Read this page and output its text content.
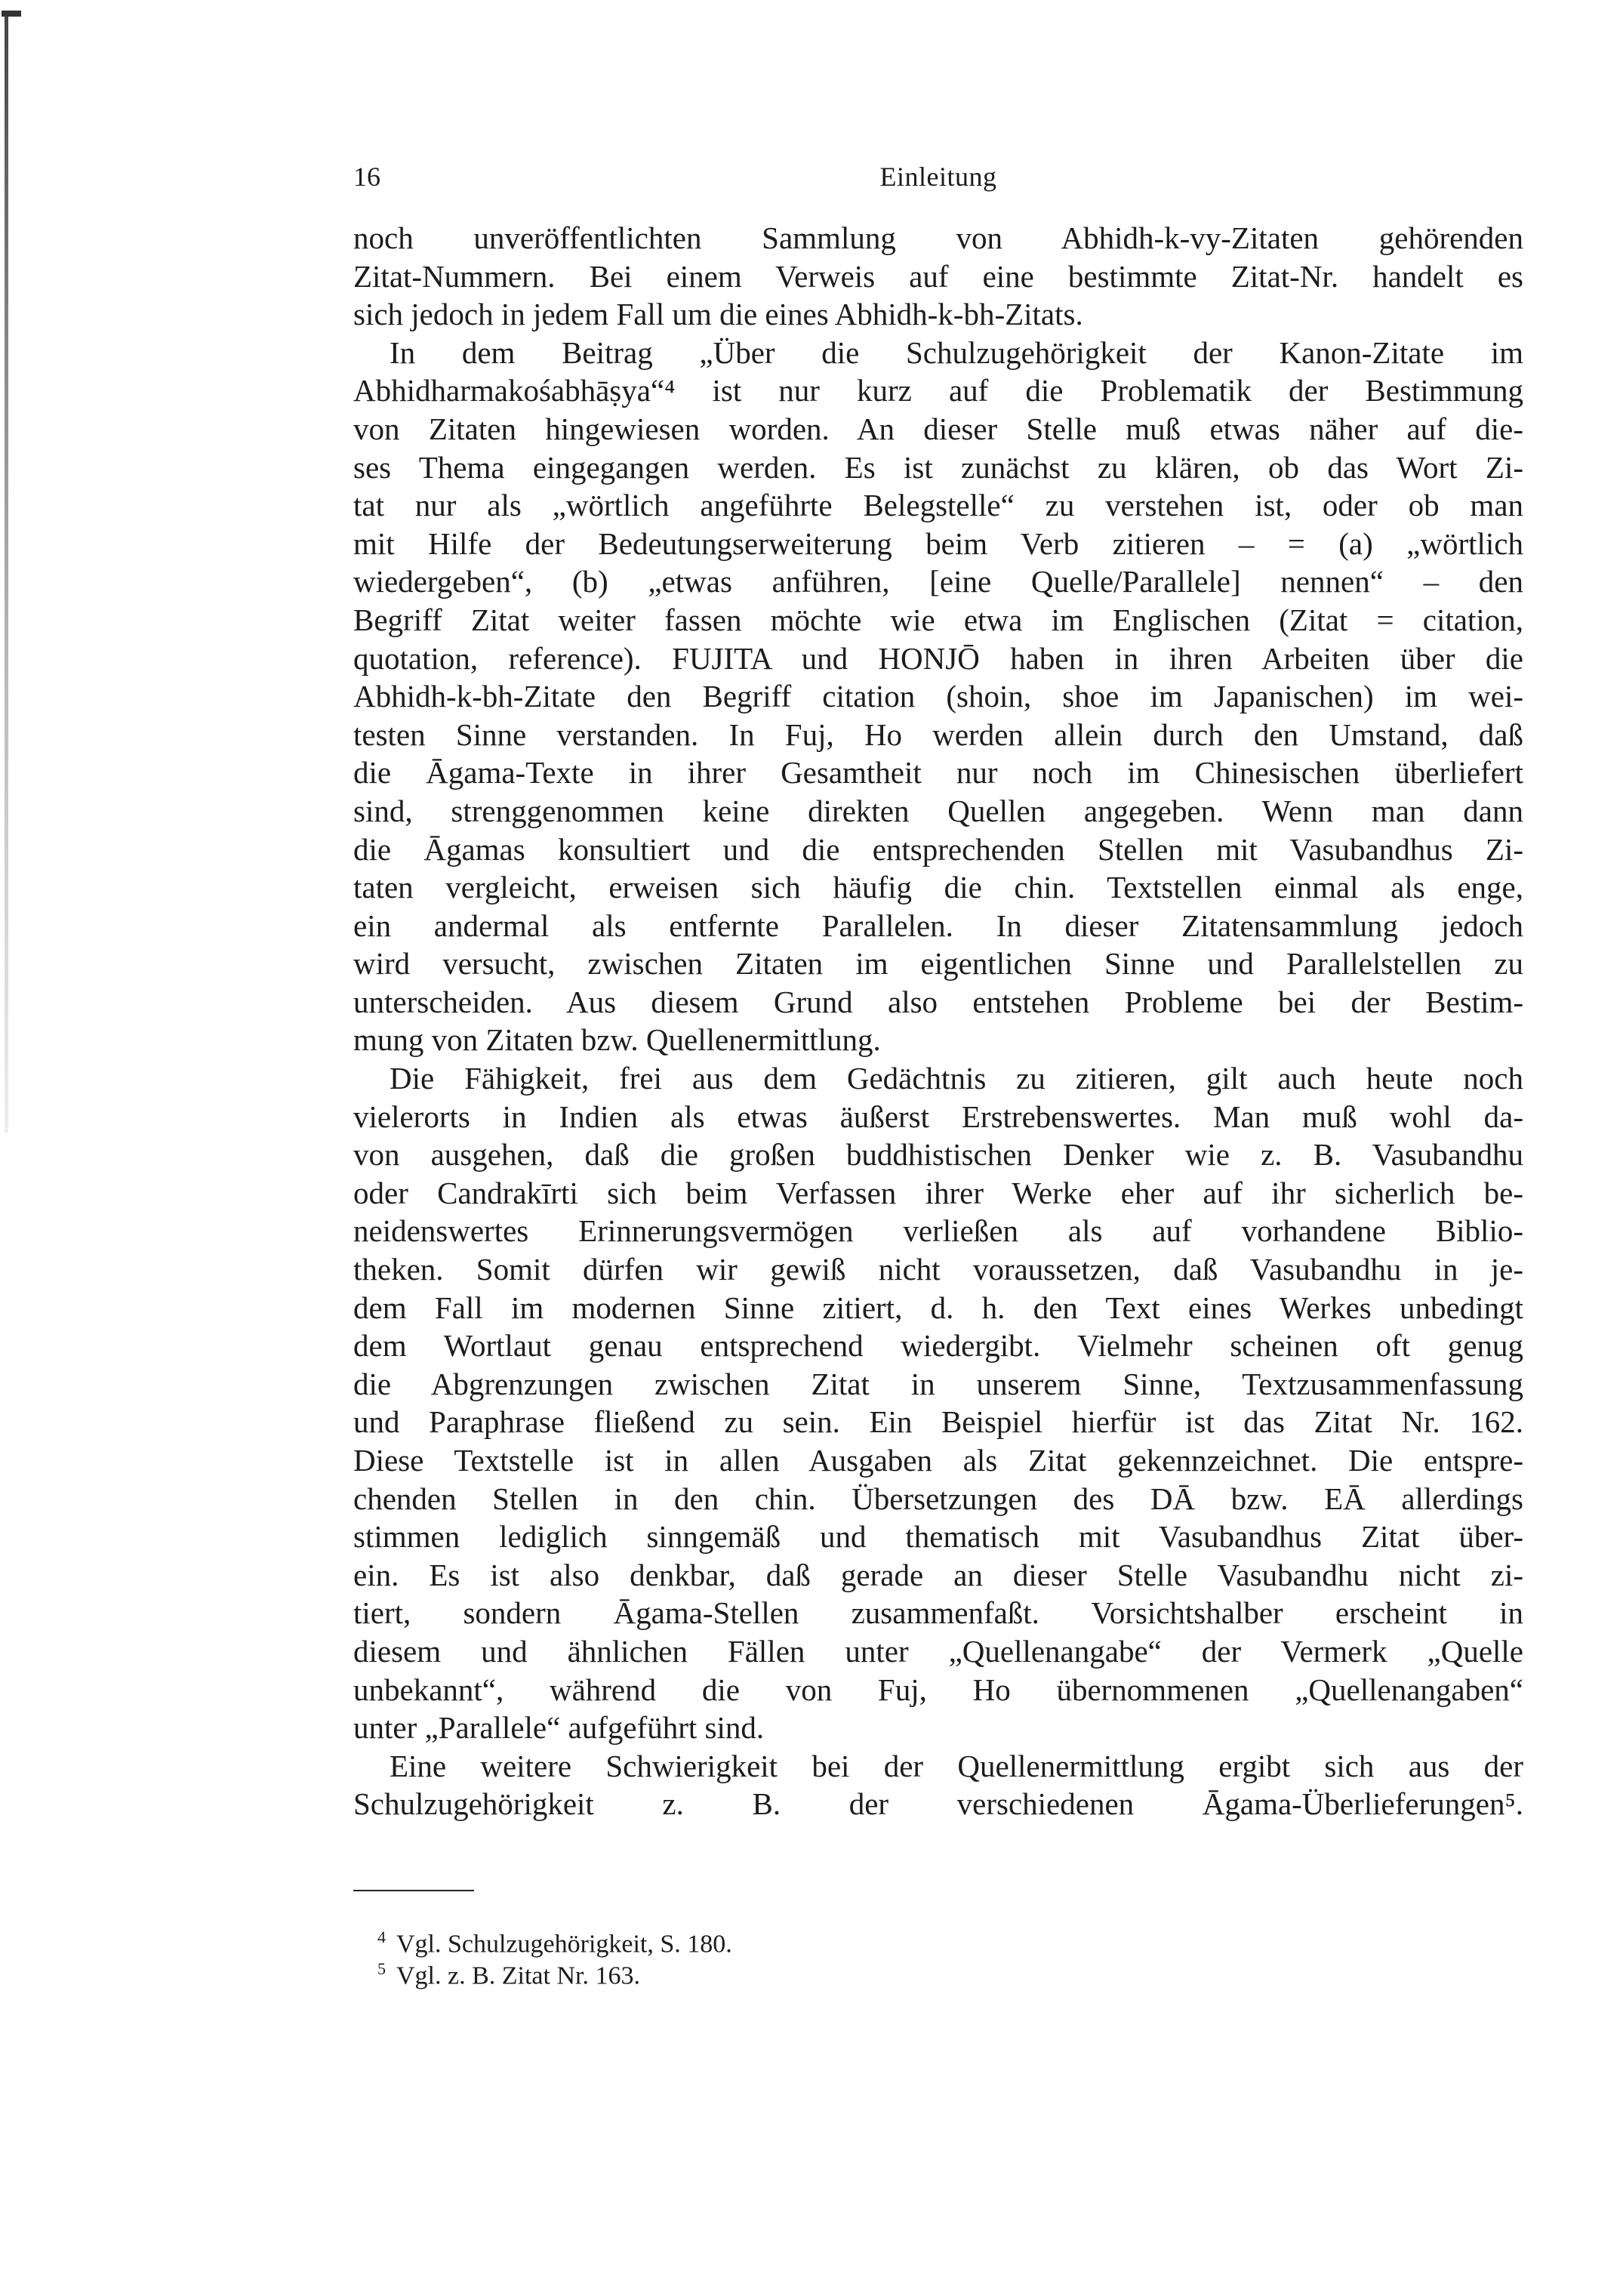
16	Einleitung
noch unveröffentlichten Sammlung von Abhidh-k-vy-Zitaten gehörenden
Zitat-Nummern. Bei einem Verweis auf eine bestimmte Zitat-Nr. handelt es
sich jedoch in jedem Fall um die eines Abhidh-k-bh-Zitats.
In dem Beitrag „Über die Schulzugehörigkeit der Kanon-Zitate im
Abhidharmakośabhāṣya“⁴ ist nur kurz auf die Problematik der Bestimmung
von Zitaten hingewiesen worden. An dieser Stelle muß etwas näher auf die-
ses Thema eingegangen werden. Es ist zunächst zu klären, ob das Wort Zi-
tat nur als „wörtlich angeführte Belegstelle“ zu verstehen ist, oder ob man
mit Hilfe der Bedeutungserweiterung beim Verb zitieren – = (a) „wörtlich
wiedergeben“, (b) „etwas anführen, [eine Quelle/Parallele] nennen“ – den
Begriff Zitat weiter fassen möchte wie etwa im Englischen (Zitat = citation,
quotation, reference). FUJITA und HONJŌ haben in ihren Arbeiten über die
Abhidh-k-bh-Zitate den Begriff citation (shoin, shoe im Japanischen) im wei-
testen Sinne verstanden. In Fuj, Ho werden allein durch den Umstand, daß
die Āgama-Texte in ihrer Gesamtheit nur noch im Chinesischen überliefert
sind, strenggenommen keine direkten Quellen angegeben. Wenn man dann
die Āgamas konsultiert und die entsprechenden Stellen mit Vasubandhus Zi-
taten vergleicht, erweisen sich häufig die chin. Textstellen einmal als enge,
ein andermal als entfernte Parallelen. In dieser Zitatensammlung jedoch
wird versucht, zwischen Zitaten im eigentlichen Sinne und Parallelstellen zu
unterscheiden. Aus diesem Grund also entstehen Probleme bei der Bestim-
mung von Zitaten bzw. Quellenermittlung.
Die Fähigkeit, frei aus dem Gedächtnis zu zitieren, gilt auch heute noch
vielerorts in Indien als etwas äußerst Erstrebenswertes. Man muß wohl da-
von ausgehen, daß die großen buddhistischen Denker wie z. B. Vasubandhu
oder Candrakīrti sich beim Verfassen ihrer Werke eher auf ihr sicherlich be-
neidenswertes Erinnerungsvermögen verließen als auf vorhandene Biblio-
theken. Somit dürfen wir gewiß nicht voraussetzen, daß Vasubandhu in je-
dem Fall im modernen Sinne zitiert, d. h. den Text eines Werkes unbedingt
dem Wortlaut genau entsprechend wiedergibt. Vielmehr scheinen oft genug
die Abgrenzungen zwischen Zitat in unserem Sinne, Textzusammenfassung
und Paraphrase fließend zu sein. Ein Beispiel hierfür ist das Zitat Nr. 162.
Diese Textstelle ist in allen Ausgaben als Zitat gekennzeichnet. Die entspre-
chenden Stellen in den chin. Übersetzungen des DĀ bzw. EĀ allerdings
stimmen lediglich sinngemäß und thematisch mit Vasubandhus Zitat über-
ein. Es ist also denkbar, daß gerade an dieser Stelle Vasubandhu nicht zi-
tiert, sondern Āgama-Stellen zusammenfaßt. Vorsichtshalber erscheint in
diesem und ähnlichen Fällen unter „Quellenangabe“ der Vermerk „Quelle
unbekannt“, während die von Fuj, Ho übernommenen „Quellenangaben“
unter „Parallele“ aufgeführt sind.
Eine weitere Schwierigkeit bei der Quellenermittlung ergibt sich aus der
Schulzugehörigkeit z. B. der verschiedenen Āgama-Überlieferungen⁵.
$^4$ Vgl. Schulzugehörigkeit, S. 180.
$^5$ Vgl. z. B. Zitat Nr. 163.
